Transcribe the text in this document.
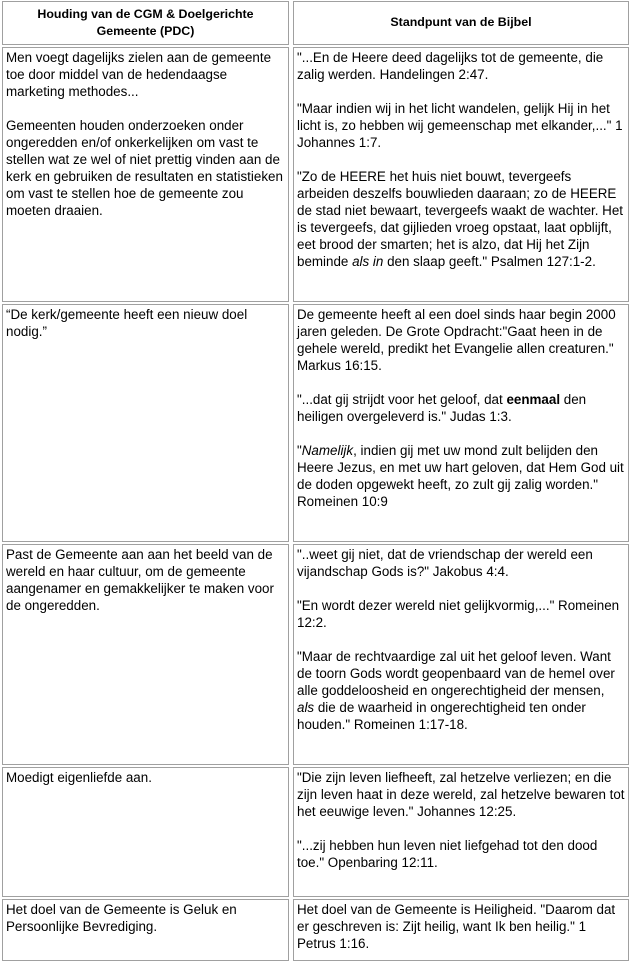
Houding van de CGM & Doelgerichte Gemeente (PDC)
Standpunt van de Bijbel

Men voegt dagelijks zielen aan de gemeente toe door middel van de hedendaagse marketing methodes...

Gemeenten houden onderzoeken onder ongeredden en/of onkerkelijken om vast te stellen wat ze wel of niet prettig vinden aan de kerk en gebruiken de resultaten en statistieken om vast te stellen hoe de gemeente zou moeten draaien.

"...En de Heere deed dagelijks tot de gemeente, die zalig werden. Handelingen 2:47.

"Maar indien wij in het licht wandelen, gelijk Hij in het licht is, zo hebben wij gemeenschap met elkander,..." 1 Johannes 1:7.

"Zo de HEERE het huis niet bouwt, tevergeefs arbeiden deszelfs bouwlieden daaraan; zo de HEERE de stad niet bewaart, tevergeefs waakt de wachter. Het is tevergeefs, dat gijlieden vroeg opstaat, laat opblijft, eet brood der smarten; het is alzo, dat Hij het Zijn beminde als in den slaap geeft." Psalmen 127:1-2.

“De kerk/gemeente heeft een nieuw doel nodig.”

De gemeente heeft al een doel sinds haar begin 2000 jaren geleden. De Grote Opdracht:"Gaat heen in de gehele wereld, predikt het Evangelie allen creaturen." Markus 16:15.

"...dat gij strijdt voor het geloof, dat eenmaal den heiligen overgeleverd is." Judas 1:3.

"Namelijk, indien gij met uw mond zult belijden den Heere Jezus, en met uw hart geloven, dat Hem God uit de doden opgewekt heeft, zo zult gij zalig worden." Romeinen 10:9

Past de Gemeente aan aan het beeld van de wereld en haar cultuur, om de gemeente aangenamer en gemakkelijker te maken voor de ongeredden.

"..weet gij niet, dat de vriendschap der wereld een vijandschap Gods is?" Jakobus 4:4.

"En wordt dezer wereld niet gelijkvormig,..." Romeinen 12:2.

"Maar de rechtvaardige zal uit het geloof leven. Want de toorn Gods wordt geopenbaard van de hemel over alle goddeloosheid en ongerechtigheid der mensen, als die de waarheid in ongerechtigheid ten onder houden." Romeinen 1:17-18.

Moedigt eigenliefde aan.	"Die zijn leven liefheeft, zal hetzelve verliezen; en die zijn leven haat in deze wereld, zal hetzelve bewaren tot het eeuwige leven." Johannes 12:25.

"...zij hebben hun leven niet liefgehad tot den dood toe." Openbaring 12:11.

Het doel van de Gemeente is Geluk en Persoonlijke Bevrediging.

Het doel van de Gemeente is Heiligheid. "Daarom dat er geschreven is: Zijt heilig, want Ik ben heilig." 1 Petrus 1:16.
